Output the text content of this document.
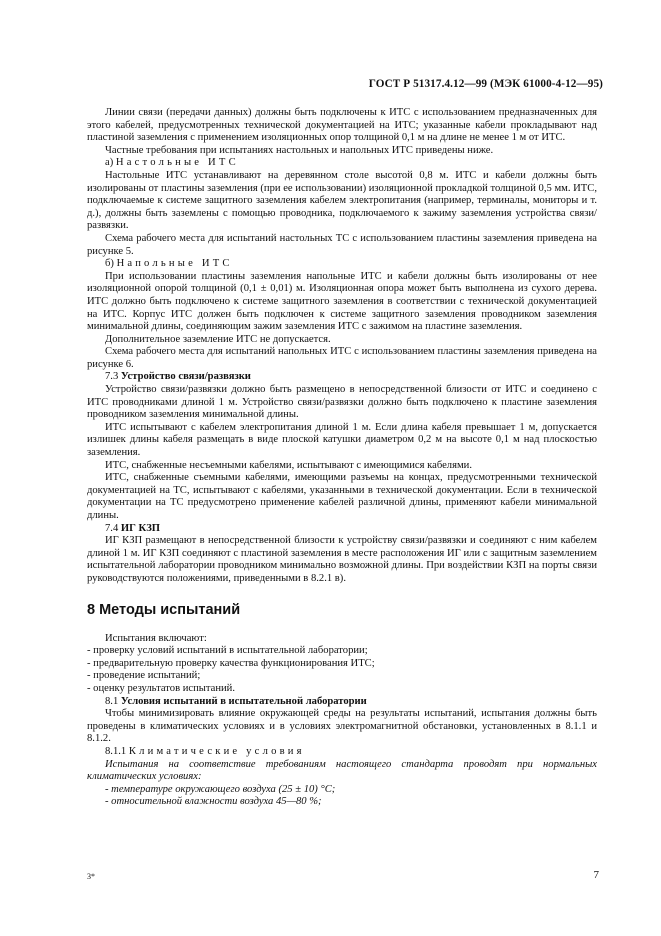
ГОСТ Р 51317.4.12—99 (МЭК 61000-4-12—95)

Линии связи (передачи данных) должны быть подключены к ИТС с использованием предназначенных для этого кабелей, предусмотренных технической документацией на ИТС; указанные кабели прокладывают над пластиной заземления с применением изоляционных опор толщиной 0,1 м на длине не менее 1 м от ИТС.

Частные требования при испытаниях настольных и напольных ИТС приведены ниже.

а) Настольные ИТС

Настольные ИТС устанавливают на деревянном столе высотой 0,8 м. ИТС и кабели должны быть изолированы от пластины заземления (при ее использовании) изоляционной прокладкой толщиной 0,5 мм. ИТС, подключаемые к системе защитного заземления кабелем электропитания (например, терминалы, мониторы и т. д.), должны быть заземлены с помощью проводника, подключаемого к зажиму заземления устройства связи/развязки.

Схема рабочего места для испытаний настольных ТС с использованием пластины заземления приведена на рисунке 5.

б) Напольные ИТС

При использовании пластины заземления напольные ИТС и кабели должны быть изолированы от нее изоляционной опорой толщиной (0,1 ± 0,01) м. Изоляционная опора может быть выполнена из сухого дерева. ИТС должно быть подключено к системе защитного заземления в соответствии с технической документацией на ИТС. Корпус ИТС должен быть подключен к системе защитного заземления проводником заземления минимальной длины, соединяющим зажим заземления ИТС с зажимом на пластине заземления.

Дополнительное заземление ИТС не допускается.

Схема рабочего места для испытаний напольных ИТС с использованием пластины заземления приведена на рисунке 6.

7.3 Устройство связи/развязки

Устройство связи/развязки должно быть размещено в непосредственной близости от ИТС и соединено с ИТС проводниками длиной 1 м. Устройство связи/развязки должно быть подключено к пластине заземления проводником заземления минимальной длины.

ИТС испытывают с кабелем электропитания длиной 1 м. Если длина кабеля превышает 1 м, допускается излишек длины кабеля размещать в виде плоской катушки диаметром 0,2 м на высоте 0,1 м над плоскостью заземления.

ИТС, снабженные несъемными кабелями, испытывают с имеющимися кабелями.

ИТС, снабженные съемными кабелями, имеющими разъемы на концах, предусмотренными технической документацией на ТС, испытывают с кабелями, указанными в технической документации. Если в технической документации на ТС предусмотрено применение кабелей различной длины, применяют кабели минимальной длины.

7.4 ИГ КЗП

ИГ КЗП размещают в непосредственной близости к устройству связи/развязки и соединяют с ним кабелем длиной 1 м. ИГ КЗП соединяют с пластиной заземления в месте расположения ИГ или с защитным заземлением испытательной лаборатории проводником минимально возможной длины. При воздействии КЗП на порты связи руководствуются положениями, приведенными в 8.2.1 в).

8 Методы испытаний

Испытания включают:

- проверку условий испытаний в испытательной лаборатории;

- предварительную проверку качества функционирования ИТС;

- проведение испытаний;

- оценку результатов испытаний.

8.1 Условия испытаний в испытательной лаборатории

Чтобы минимизировать влияние окружающей среды на результаты испытаний, испытания должны быть проведены в климатических условиях и в условиях электромагнитной обстановки, установленных в 8.1.1 и 8.1.2.

8.1.1 Климатические условия

Испытания на соответствие требованиям настоящего стандарта проводят при нормальных климатических условиях:

- температуре окружающего воздуха (25 ± 10) °С;

- относительной влажности воздуха 45—80 %;

3*	7
